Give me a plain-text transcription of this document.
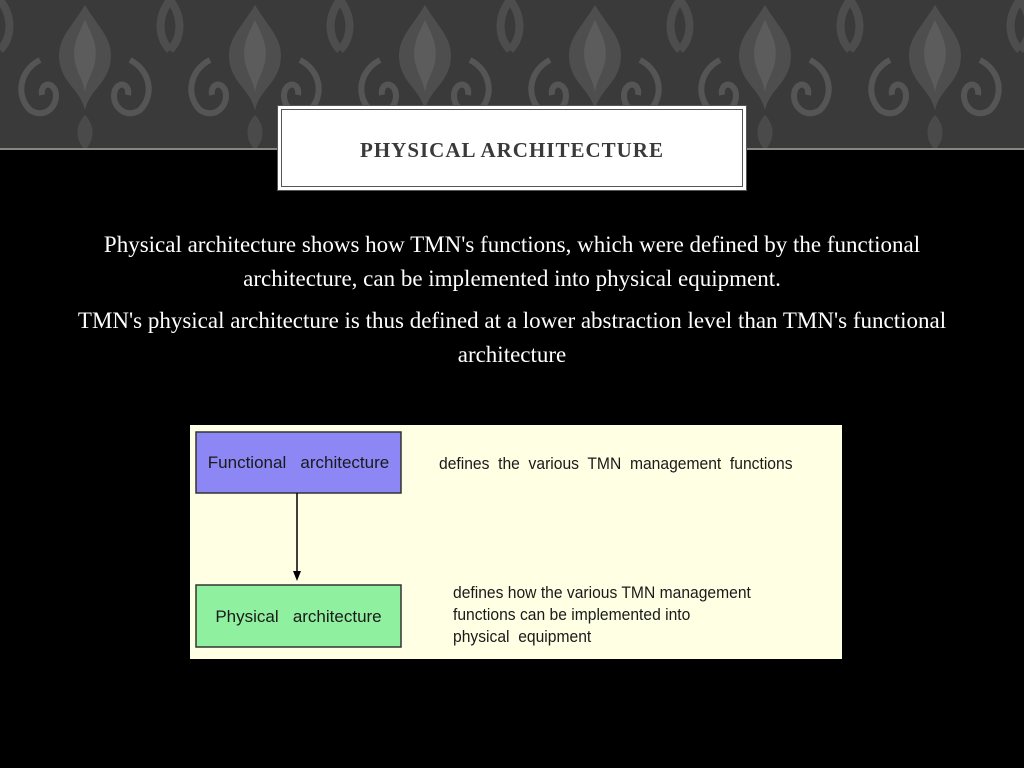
PHYSICAL ARCHITECTURE

Physical architecture shows how TMN's functions, which were defined by the functional architecture, can be implemented into physical equipment.

TMN's physical architecture is thus defined at a lower abstraction level than TMN's functional architecture

Functional   architecture
Physical   architecture
defines  the  various  TMN  management  functions
defines how the various TMN management
functions can be implemented into
physical  equipment
